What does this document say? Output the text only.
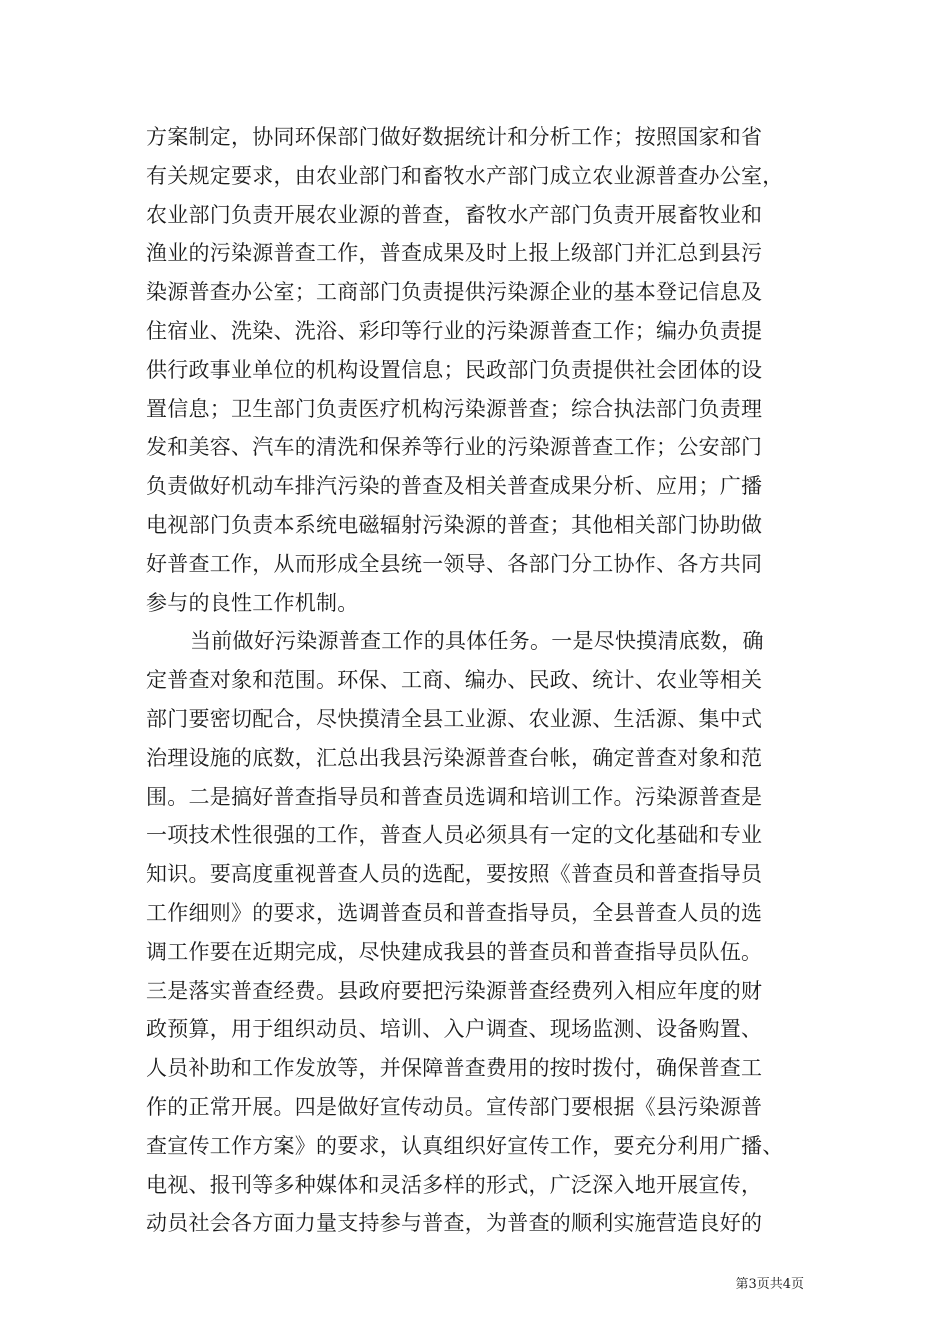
方案制定，协同环保部门做好数据统计和分析工作；按照国家和省
有关规定要求，由农业部门和畜牧水产部门成立农业源普查办公室，
农业部门负责开展农业源的普查，畜牧水产部门负责开展畜牧业和
渔业的污染源普查工作，普查成果及时上报上级部门并汇总到县污
染源普查办公室；工商部门负责提供污染源企业的基本登记信息及
住宿业、洗染、洗浴、彩印等行业的污染源普查工作；编办负责提
供行政事业单位的机构设置信息；民政部门负责提供社会团体的设
置信息；卫生部门负责医疗机构污染源普查；综合执法部门负责理
发和美容、汽车的清洗和保养等行业的污染源普查工作；公安部门
负责做好机动车排汽污染的普查及相关普查成果分析、应用；广播
电视部门负责本系统电磁辐射污染源的普查；其他相关部门协助做
好普查工作，从而形成全县统一领导、各部门分工协作、各方共同
参与的良性工作机制。
当前做好污染源普查工作的具体任务。一是尽快摸清底数，确
定普查对象和范围。环保、工商、编办、民政、统计、农业等相关
部门要密切配合，尽快摸清全县工业源、农业源、生活源、集中式
治理设施的底数，汇总出我县污染源普查台帐，确定普查对象和范
围。二是搞好普查指导员和普查员选调和培训工作。污染源普查是
一项技术性很强的工作，普查人员必须具有一定的文化基础和专业
知识。要高度重视普查人员的选配，要按照《普查员和普查指导员
工作细则》的要求，选调普查员和普查指导员，全县普查人员的选
调工作要在近期完成，尽快建成我县的普查员和普查指导员队伍。
三是落实普查经费。县政府要把污染源普查经费列入相应年度的财
政预算，用于组织动员、培训、入户调查、现场监测、设备购置、
人员补助和工作发放等，并保障普查费用的按时拨付，确保普查工
作的正常开展。四是做好宣传动员。宣传部门要根据《县污染源普
查宣传工作方案》的要求，认真组织好宣传工作，要充分利用广播、
电视、报刊等多种媒体和灵活多样的形式，广泛深入地开展宣传，
动员社会各方面力量支持参与普查，为普查的顺利实施营造良好的
第3页共4页
